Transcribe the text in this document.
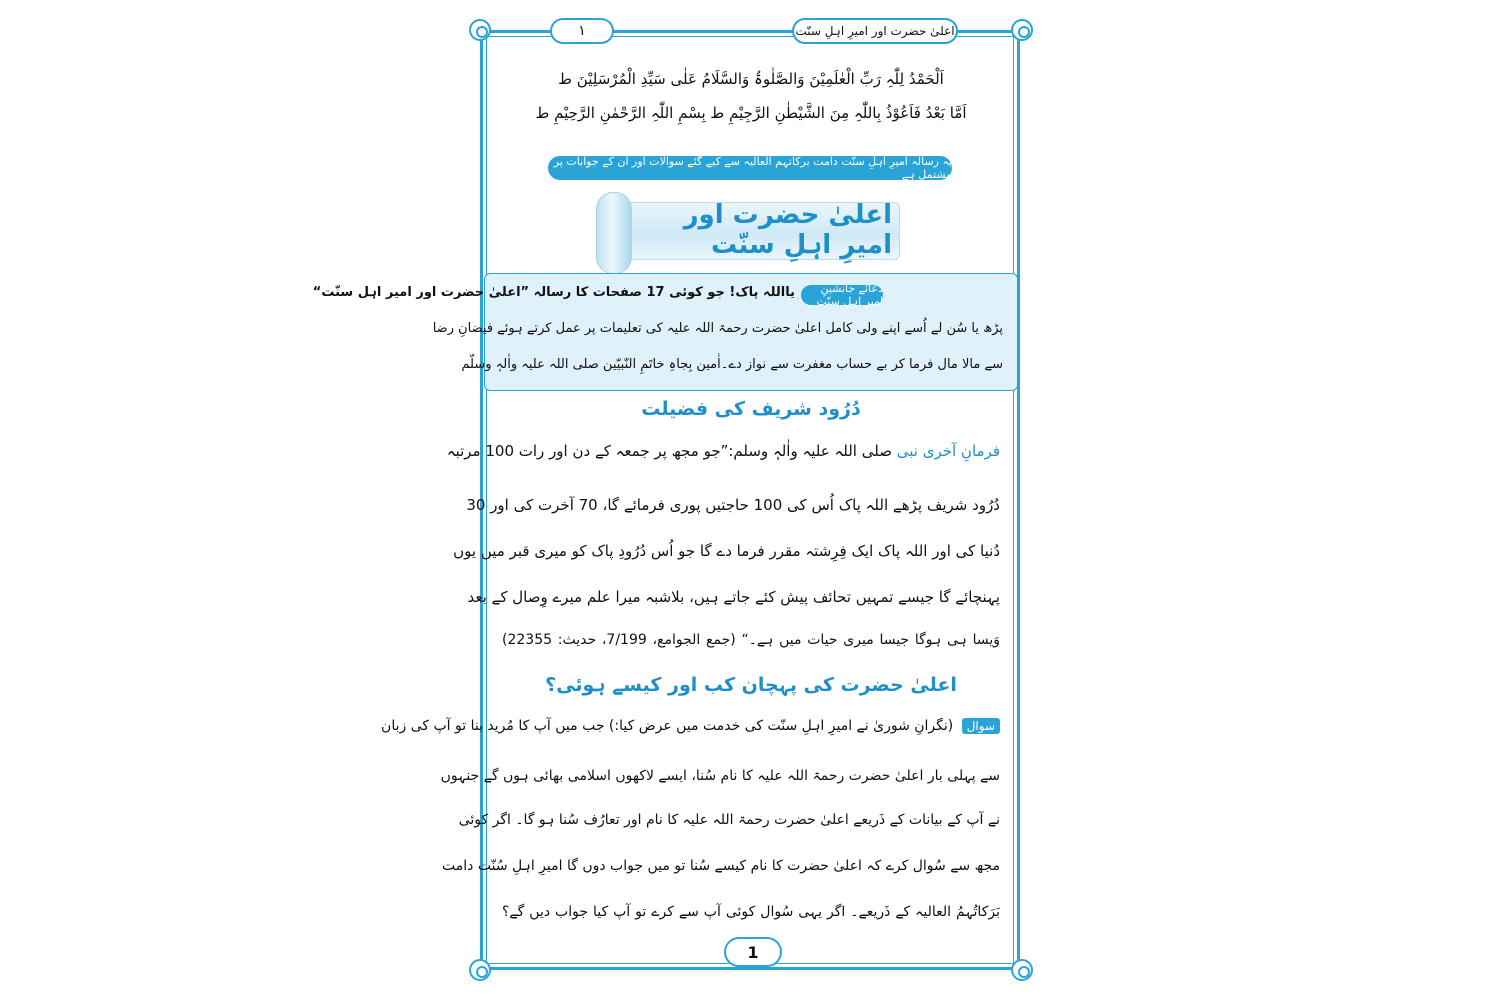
١	اعلیٰ حضرت اور امیرِ اہلِ سنّت
اَلْحَمْدُ لِلّٰہِ رَبِّ الْعٰلَمِیْنَ وَالصَّلٰوۃُ وَالسَّلَامُ عَلٰی سَیِّدِ الْمُرْسَلِیْنَ ط
اَمَّا بَعْدُ فَاَعُوْذُ بِاللّٰہِ مِنَ الشَّیْطٰنِ الرَّجِیْمِ ط بِسْمِ اللّٰہِ الرَّحْمٰنِ الرَّحِیْمِ ط
یہ رسالہ امیرِ اہلِ سنّت دامت برکاتہم العالیہ سے کیے گئے سوالات اور ان کے جوابات پر مشتمل ہے
اعلیٰ حضرت اور امیرِ اہلِ سنّت
دعائے جانشینِ امیرِ اہلِ سنّت
یااللہ پاک! جو کوئی 17 صفحات کا رسالہ ”اعلیٰ حضرت اور امیر اہل سنّت“
پڑھ یا سُن لے اُسے اپنے ولی کامل اعلیٰ حضرت رحمۃ اللہ علیہ کی تعلیمات پر عمل کرتے ہوئے فیضانِ رضا
سے مالا مال فرما کر بے حساب مغفرت سے نواز دے۔اٰمین بِجاہِ خاتَمِ النّبیّین صلی اللہ علیہ واٰلہٖ وسلّم
دُرُود شریف کی فضیلت
فرمانِ آخری نبی صلی اللہ علیہ واٰلہٖ وسلم:”جو مجھ پر جمعہ کے دن اور رات 100 مرتبہ
دُرُود شریف پڑھے اللہ پاک اُس کی 100 حاجتیں پوری فرمائے گا، 70 آخرت کی اور 30
دُنیا کی اور اللہ پاک ایک فِرِشتہ مقرر فرما دے گا جو اُس دُرُودِ پاک کو میری قبر میں یوں
پہنچائے گا جیسے تمہیں تحائف پیش کئے جاتے ہیں، بلاشبہ میرا علم میرے وِصال کے بعد
وَیسا ہی ہوگا جیسا میری حیات میں ہے۔“ (جمع الجوامع، 7/199، حدیث: 22355)
اعلیٰ حضرت کی پہچان کب اور کیسے ہوئی؟
سوال (نگرانِ شوریٰ نے امیرِ اہلِ سنّت کی خدمت میں عرض کیا:) جب میں آپ کا مُرید بنا تو آپ کی زبان
سے پہلی بار اعلیٰ حضرت رحمۃ اللہ علیہ کا نام سُنا، ایسے لاکھوں اسلامی بھائی ہوں گے جنہوں
نے آپ کے بیانات کے ذَریعے اعلیٰ حضرت رحمۃ اللہ علیہ کا نام اور تعارُف سُنا ہو گا۔ اگر کوئی
مجھ سے سُوال کرے کہ اعلیٰ حضرت کا نام کیسے سُنا تو میں جواب دوں گا امیرِ اہلِ سُنّت دامت
بَرَکاتُہمُ العالیہ کے ذَریعے۔ اگر یہی سُوال کوئی آپ سے کرے تو آپ کیا جواب دیں گے؟
1
